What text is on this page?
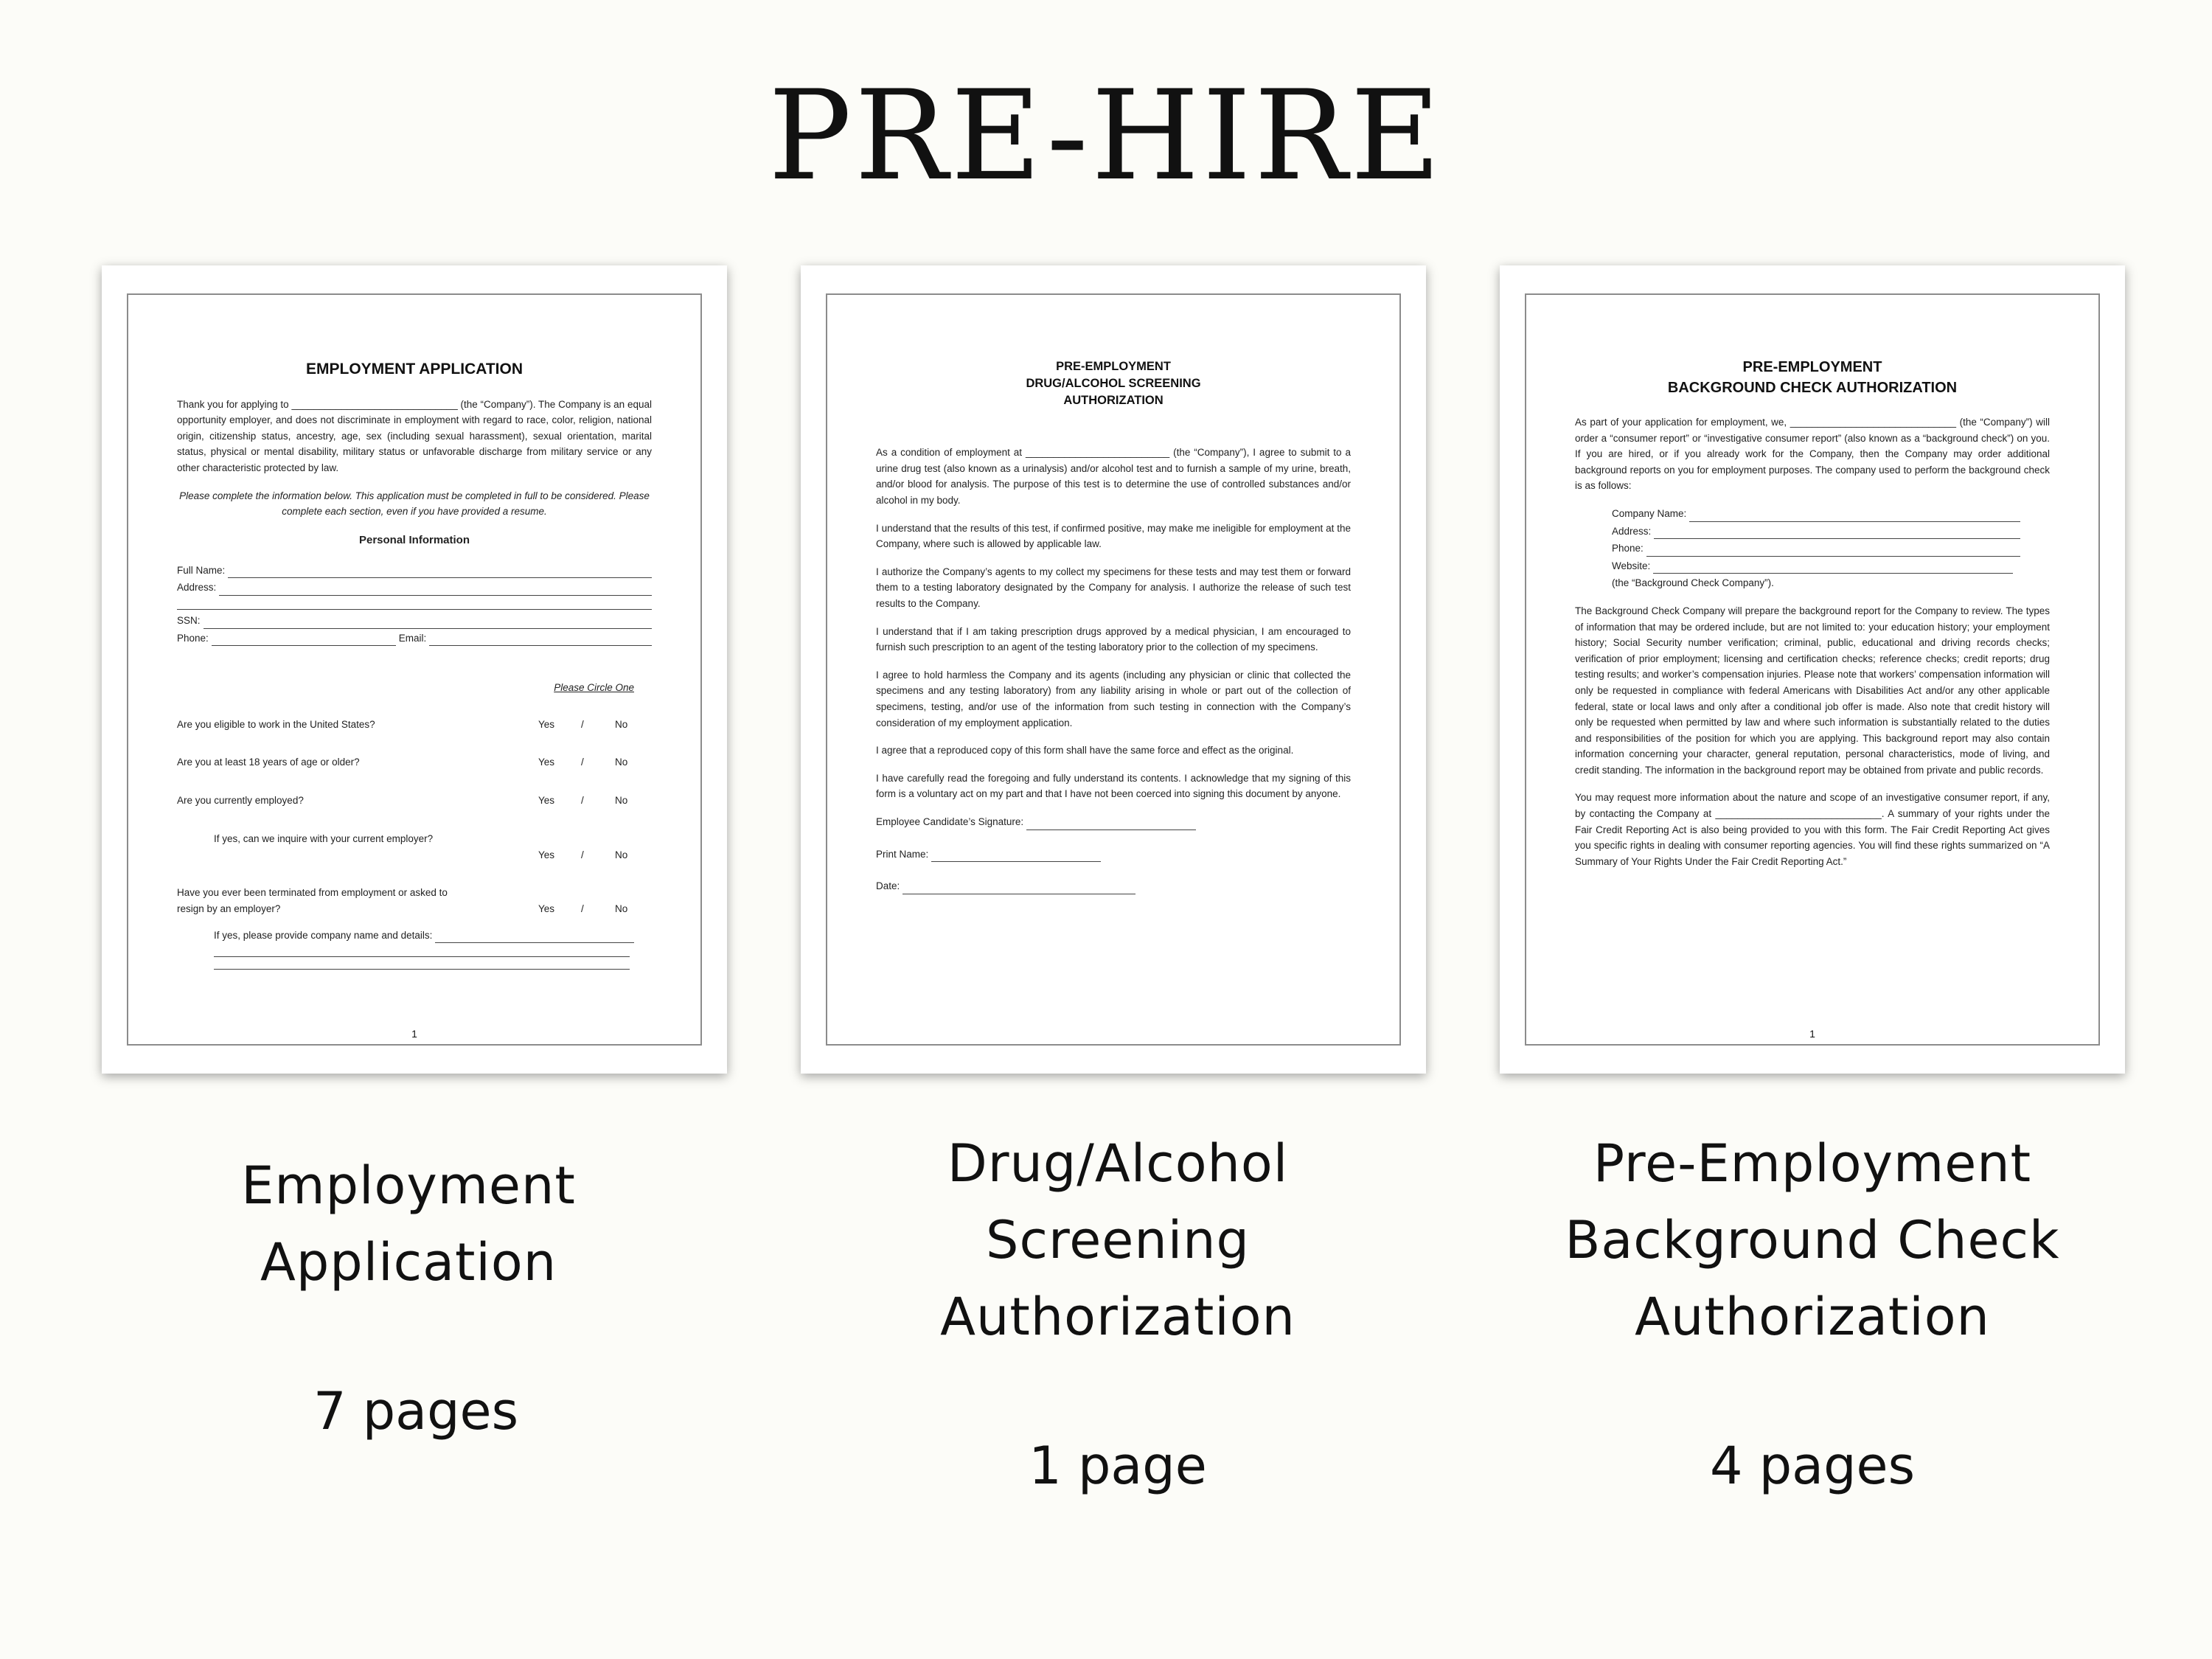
PRE-HIRE
EMPLOYMENT APPLICATION
Thank you for applying to ______________________________ (the “Company”). The Company is an equal opportunity employer, and does not discriminate in employment with regard to race, color, religion, national origin, citizenship status, ancestry, age, sex (including sexual harassment), sexual orientation, marital status, physical or mental disability, military status or unfavorable discharge from military service or any other characteristic protected by law.
Please complete the information below. This application must be completed in full to be considered. Please complete each section, even if you have provided a resume.
Personal Information
Full Name:
Address:
SSN:
Phone:	Email:
Please Circle One
Are you eligible to work in the United States?	Yes	/	No
Are you at least 18 years of age or older?	Yes	/	No
Are you currently employed?	Yes	/	No
If yes, can we inquire with your current employer?
Yes	/	No
Have you ever been terminated from employment or asked to resign by an employer?	Yes	/	No
If yes, please provide company name and details:
1
PRE-EMPLOYMENT
DRUG/ALCOHOL SCREENING
AUTHORIZATION
As a condition of employment at __________________________ (the “Company”), I agree to submit to a urine drug test (also known as a urinalysis) and/or alcohol test and to furnish a sample of my urine, breath, and/or blood for analysis. The purpose of this test is to determine the use of controlled substances and/or alcohol in my body.
I understand that the results of this test, if confirmed positive, may make me ineligible for employment at the Company, where such is allowed by applicable law.
I authorize the Company’s agents to my collect my specimens for these tests and may test them or forward them to a testing laboratory designated by the Company for analysis. I authorize the release of such test results to the Company.
I understand that if I am taking prescription drugs approved by a medical physician, I am encouraged to furnish such prescription to an agent of the testing laboratory prior to the collection of my specimens.
I agree to hold harmless the Company and its agents (including any physician or clinic that collected the specimens and any testing laboratory) from any liability arising in whole or part out of the collection of specimens, testing, and/or use of the information from such testing in connection with the Company’s consideration of my employment application.
I agree that a reproduced copy of this form shall have the same force and effect as the original.
I have carefully read the foregoing and fully understand its contents. I acknowledge that my signing of this form is a voluntary act on my part and that I have not been coerced into signing this document by anyone.
Employee Candidate’s Signature:
Print Name:
Date:
PRE-EMPLOYMENT
BACKGROUND CHECK AUTHORIZATION
As part of your application for employment, we, ______________________________ (the “Company”) will order a “consumer report” or “investigative consumer report” (also known as a “background check”) on you. If you are hired, or if you already work for the Company, then the Company may order additional background reports on you for employment purposes. The company used to perform the background check is as follows:
Company Name:
Address:
Phone:
Website:
(the “Background Check Company”).
The Background Check Company will prepare the background report for the Company to review. The types of information that may be ordered include, but are not limited to: your education history; your employment history; Social Security number verification; criminal, public, educational and driving records checks; verification of prior employment; licensing and certification checks; reference checks; credit reports; drug testing results; and worker’s compensation injuries. Please note that workers’ compensation information will only be requested in compliance with federal Americans with Disabilities Act and/or any other applicable federal, state or local laws and only after a conditional job offer is made. Also note that credit history will only be requested when permitted by law and where such information is substantially related to the duties and responsibilities of the position for which you are applying. This background report may also contain information concerning your character, general reputation, personal characteristics, mode of living, and credit standing. The information in the background report may be obtained from private and public records.
You may request more information about the nature and scope of an investigative consumer report, if any, by contacting the Company at ______________________________. A summary of your rights under the Fair Credit Reporting Act is also being provided to you with this form. The Fair Credit Reporting Act gives you specific rights in dealing with consumer reporting agencies. You will find these rights summarized on “A Summary of Your Rights Under the Fair Credit Reporting Act.”
1
Employment
Application
7 pages
Drug/Alcohol
Screening
Authorization
1 page
Pre-Employment
Background Check
Authorization
4 pages
